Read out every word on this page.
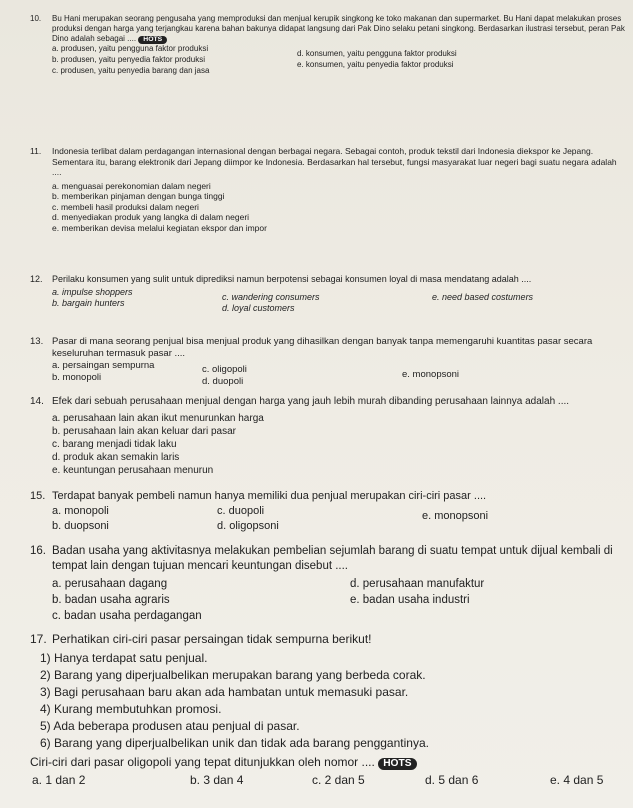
10.	Bu Hani merupakan seorang pengusaha yang memproduksi dan menjual kerupik singkong ke toko makanan dan supermarket. Bu Hani dapat melakukan proses produksi dengan harga yang terjangkau karena bahan bakunya didapat langsung dari Pak Dino selaku petani singkong. Berdasarkan ilustrasi tersebut, peran Pak Dino adalah sebagai .... HOTS
a. produsen, yaitu pengguna faktor produksi
b. produsen, yaitu penyedia faktor produksi
c. produsen, yaitu penyedia barang dan jasa
d. konsumen, yaitu pengguna faktor produksi
e. konsumen, yaitu penyedia faktor produksi
11.	Indonesia terlibat dalam perdagangan internasional dengan berbagai negara. Sebagai contoh, produk tekstil dari Indonesia diekspor ke Jepang. Sementara itu, barang elektronik dari Jepang diimpor ke Indonesia. Berdasarkan hal tersebut, fungsi masyarakat luar negeri bagi suatu negara adalah ....
a. menguasai perekonomian dalam negeri
b. memberikan pinjaman dengan bunga tinggi
c. membeli hasil produksi dalam negeri
d. menyediakan produk yang langka di dalam negeri
e. memberikan devisa melalui kegiatan ekspor dan impor
12.	Perilaku konsumen yang sulit untuk diprediksi namun berpotensi sebagai konsumen loyal di masa mendatang adalah ....
a. impulse shoppers
b. bargain hunters
c. wandering consumers
d. loyal customers
e. need based costumers
13. Pasar di mana seorang penjual bisa menjual produk yang dihasilkan dengan banyak tanpa memengaruhi kuantitas pasar secara keseluruhan termasuk pasar ....
a. persaingan sempurna
b. monopoli
c. oligopoli
d. duopoli
e. monopsoni
14. Efek dari sebuah perusahaan menjual dengan harga yang jauh lebih murah dibanding perusahaan lainnya adalah ....
a. perusahaan lain akan ikut menurunkan harga
b. perusahaan lain akan keluar dari pasar
c. barang menjadi tidak laku
d. produk akan semakin laris
e. keuntungan perusahaan menurun
15. Terdapat banyak pembeli namun hanya memiliki dua penjual merupakan ciri-ciri pasar ....
a. monopoli
b. duopsoni
c. duopoli
d. oligopsoni
e. monopsoni
16. Badan usaha yang aktivitasnya melakukan pembelian sejumlah barang di suatu tempat untuk dijual kembali di tempat lain dengan tujuan mencari keuntungan disebut ....
a. perusahaan dagang
b. badan usaha agraris
c. badan usaha perdagangan
d. perusahaan manufaktur
e. badan usaha industri
17. Perhatikan ciri-ciri pasar persaingan tidak sempurna berikut!
1) Hanya terdapat satu penjual.
2) Barang yang diperjualbelikan merupakan barang yang berbeda corak.
3) Bagi perusahaan baru akan ada hambatan untuk memasuki pasar.
4) Kurang membutuhkan promosi.
5) Ada beberapa produsen atau penjual di pasar.
6) Barang yang diperjualbelikan unik dan tidak ada barang penggantinya.
Ciri-ciri dari pasar oligopoli yang tepat ditunjukkan oleh nomor .... HOTS
a. 1 dan 2	b. 3 dan 4	c. 2 dan 5	d. 5 dan 6	e. 4 dan 5
